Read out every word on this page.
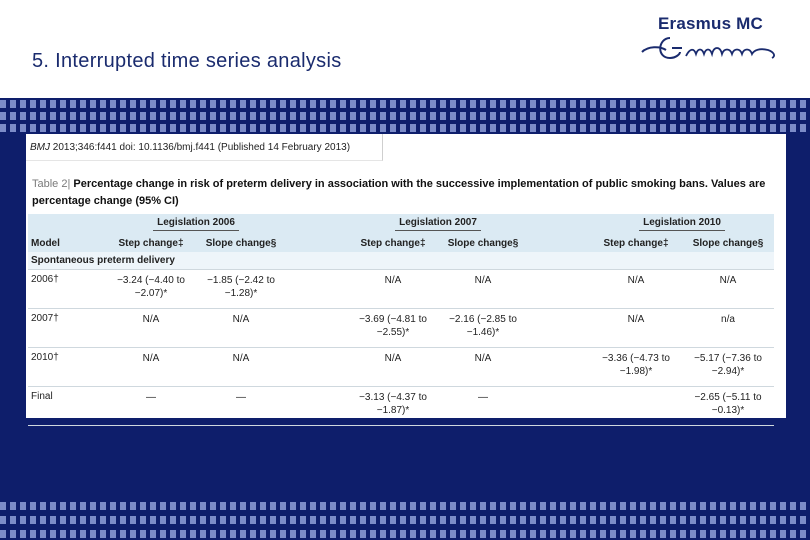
5. Interrupted time series analysis
Erasmus MC
BMJ 2013;346:f441 doi: 10.1136/bmj.f441 (Published 14 February 2013)
Table 2| Percentage change in risk of preterm delivery in association with the successive implementation of public smoking bans. Values are percentage change (95% CI)
	Legislation 2006			Legislation 2007			Legislation 2010	
Model	Step change‡	Slope change§		Step change‡	Slope change§		Step change‡	Slope change§
Spontaneous preterm delivery								
2006†	−3.24 (−4.40 to −2.07)*	−1.85 (−2.42 to −1.28)*		N/A	N/A		N/A	N/A
2007†	N/A	N/A		−3.69 (−4.81 to −2.55)*	−2.16 (−2.85 to −1.46)*		N/A	n/a
2010†	N/A	N/A		N/A	N/A		−3.36 (−4.73 to −1.98)*	−5.17 (−7.36 to −2.94)*
Final	—	—		−3.13 (−4.37 to −1.87)*	—			−2.65 (−5.11 to −0.13)*
